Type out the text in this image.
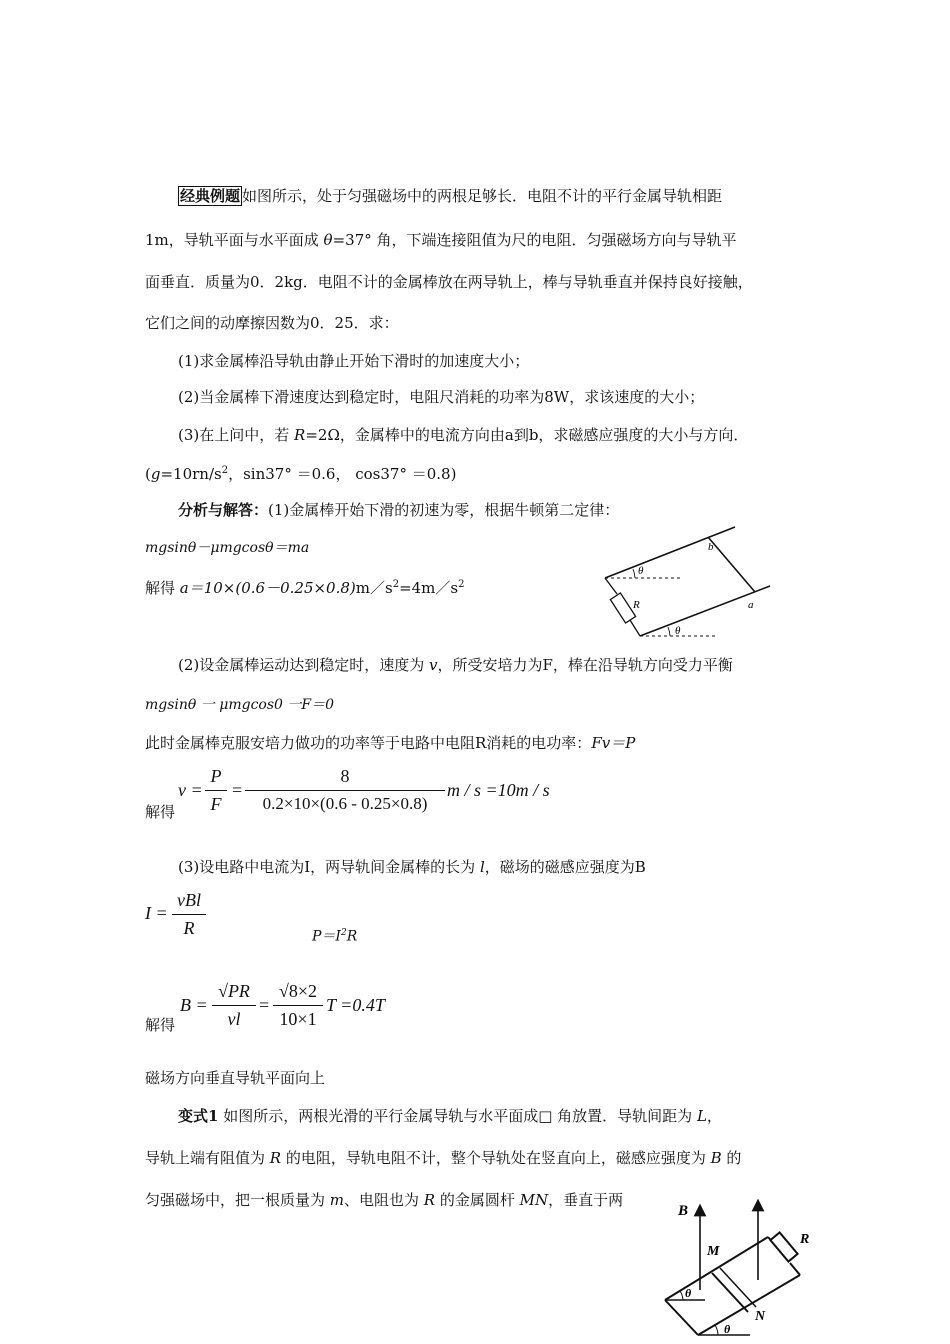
经典例题 如图所示，处于匀强磁场中的两根足够长．电阻不计的平行金属导轨相距
1m，导轨平面与水平面成 θ=37° 角，下端连接阻值为尺的电阻．匀强磁场方向与导轨平
面垂直．质量为0．2kg．电阻不计的金属棒放在两导轨上，棒与导轨垂直并保持良好接触，
它们之间的动摩擦因数为0．25．求：
(1)求金属棒沿导轨由静止开始下滑时的加速度大小；
(2)当金属棒下滑速度达到稳定时，电阻尺消耗的功率为8W，求该速度的大小；
(3)在上问中，若 R=2Ω，金属棒中的电流方向由a到b，求磁感应强度的大小与方向．
($g=10rn/s^2$，sin37° ＝0.6， cos37° ＝0.8)
分析与解答：(1)金属棒开始下滑的初速为零，根据牛顿第二定律：
mgsinθ－μmgcosθ＝ma
解得 $a=10\times(0.6-0.25\times 0.8)m/s^2=4m/s^2$
b
a
R
θ
θ
(2)设金属棒运动达到稳定时，速度为 v，所受安培力为F，棒在沿导轨方向受力平衡
mgsinθ 一 μmgcos0 一F＝0
此时金属棒克服安培力做功的功率等于电路中电阻R消耗的电功率：Fv＝P
解得
v =
P
F
=
8
0.2×10×(0.6 - 0.25×0.8)
m / s =10m / s
(3)设电路中电流为I，两导轨间金属棒的长为 l，磁场的磁感应强度为B
I =
vBl
R	$P=I^2R$
解得
B =
√PR
vl
=
√8×2
10×1
T =0.4T
磁场方向垂直导轨平面向上
变式1 如图所示，两根光滑的平行金属导轨与水平面成□ 角放置．导轨间距为 L，
导轨上端有阻值为 R 的电阻，导轨电阻不计，整个导轨处在竖直向上，磁感应强度为 B 的
匀强磁场中，把一根质量为 m、电阻也为 R 的金属圆杆 MN，垂直于两
B
M
N
R
θ
θ
